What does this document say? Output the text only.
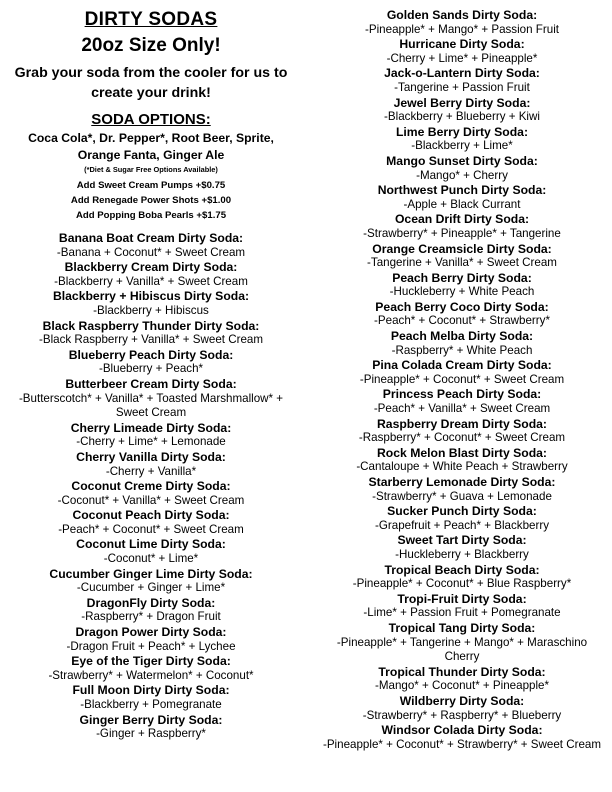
DIRTY SODAS
20oz Size Only!
Grab your soda from the cooler for us to create your drink!
SODA OPTIONS:
Coca Cola*, Dr. Pepper*, Root Beer, Sprite, Orange Fanta, Ginger Ale
(*Diet & Sugar Free Options Available)
Add Sweet Cream Pumps +$0.75
Add Renegade Power Shots +$1.00
Add Popping Boba Pearls +$1.75
Banana Boat Cream Dirty Soda:
-Banana + Coconut* + Sweet Cream
Blackberry Cream Dirty Soda:
-Blackberry + Vanilla* + Sweet Cream
Blackberry + Hibiscus Dirty Soda:
-Blackberry + Hibiscus
Black Raspberry Thunder Dirty Soda:
-Black Raspberry + Vanilla* + Sweet Cream
Blueberry Peach Dirty Soda:
-Blueberry + Peach*
Butterbeer Cream Dirty Soda:
-Butterscotch* + Vanilla* + Toasted Marshmallow* + Sweet Cream
Cherry Limeade Dirty Soda:
-Cherry + Lime* + Lemonade
Cherry Vanilla Dirty Soda:
-Cherry + Vanilla*
Coconut Creme Dirty Soda:
-Coconut* + Vanilla* + Sweet Cream
Coconut Peach Dirty Soda:
-Peach* + Coconut* + Sweet Cream
Coconut Lime Dirty Soda:
-Coconut* + Lime*
Cucumber Ginger Lime Dirty Soda:
-Cucumber + Ginger + Lime*
DragonFly Dirty Soda:
-Raspberry* + Dragon Fruit
Dragon Power Dirty Soda:
-Dragon Fruit + Peach* + Lychee
Eye of the Tiger Dirty Soda:
-Strawberry* + Watermelon* + Coconut*
Full Moon Dirty Dirty Soda:
-Blackberry + Pomegranate
Ginger Berry Dirty Soda:
-Ginger + Raspberry*
Golden Sands Dirty Soda:
-Pineapple* + Mango* + Passion Fruit
Hurricane Dirty Soda:
-Cherry + Lime* + Pineapple*
Jack-o-Lantern Dirty Soda:
-Tangerine + Passion Fruit
Jewel Berry Dirty Soda:
-Blackberry + Blueberry + Kiwi
Lime Berry Dirty Soda:
-Blackberry + Lime*
Mango Sunset Dirty Soda:
-Mango* + Cherry
Northwest Punch Dirty Soda:
-Apple + Black Currant
Ocean Drift Dirty Soda:
-Strawberry* + Pineapple* + Tangerine
Orange Creamsicle Dirty Soda:
-Tangerine + Vanilla* + Sweet Cream
Peach Berry Dirty Soda:
-Huckleberry + White Peach
Peach Berry Coco Dirty Soda:
-Peach* + Coconut* + Strawberry*
Peach Melba Dirty Soda:
-Raspberry* + White Peach
Pina Colada Cream Dirty Soda:
-Pineapple* + Coconut* + Sweet Cream
Princess Peach Dirty Soda:
-Peach* + Vanilla* + Sweet Cream
Raspberry Dream Dirty Soda:
-Raspberry* + Coconut* + Sweet Cream
Rock Melon Blast Dirty Soda:
-Cantaloupe + White Peach + Strawberry
Starberry Lemonade Dirty Soda:
-Strawberry* + Guava + Lemonade
Sucker Punch Dirty Soda:
-Grapefruit + Peach* + Blackberry
Sweet Tart Dirty Soda:
-Huckleberry + Blackberry
Tropical Beach Dirty Soda:
-Pineapple* + Coconut* + Blue Raspberry*
Tropi-Fruit Dirty Soda:
-Lime* + Passion Fruit + Pomegranate
Tropical Tang Dirty Soda:
-Pineapple* + Tangerine + Mango* + Maraschino Cherry
Tropical Thunder Dirty Soda:
-Mango* + Coconut* + Pineapple*
Wildberry Dirty Soda:
-Strawberry* + Raspberry* + Blueberry
Windsor Colada Dirty Soda:
-Pineapple* + Coconut* + Strawberry* + Sweet Cream
